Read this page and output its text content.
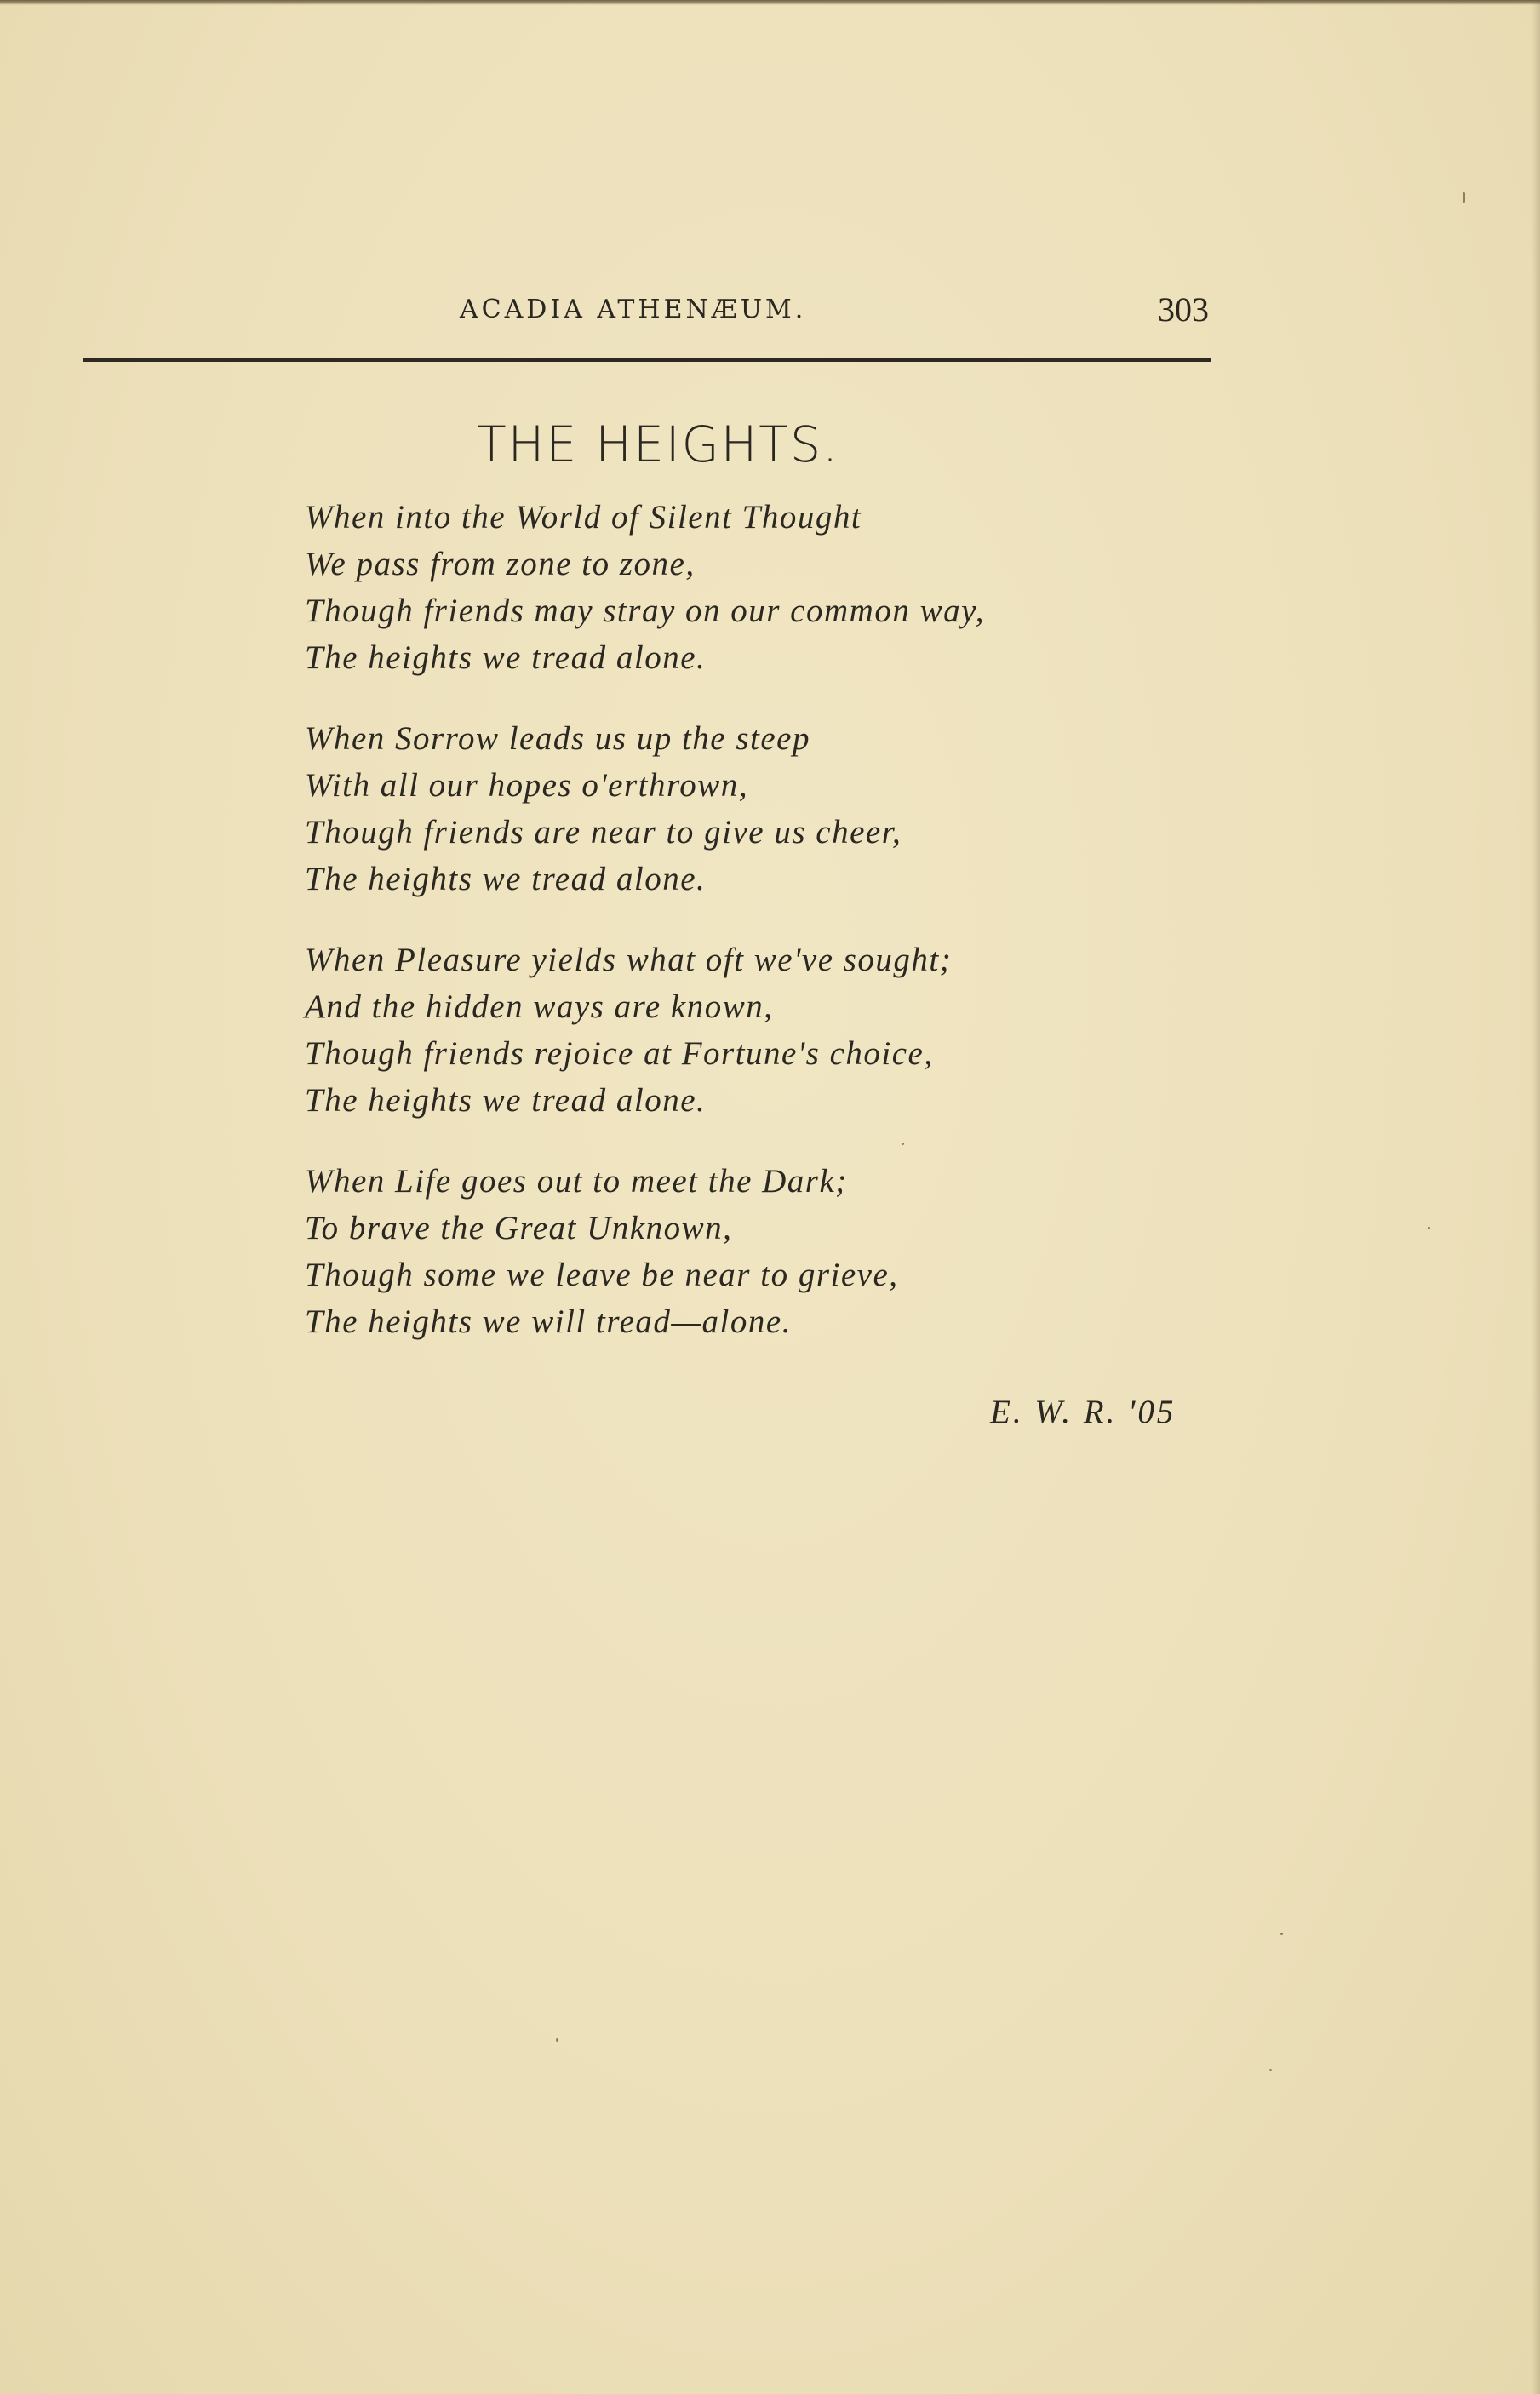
ACADIA ATHENÆUM.	303
THE HEIGHTS.
When into the World of Silent Thought
We pass from zone to zone,
Though friends may stray on our common way,
The heights we tread alone.
When Sorrow leads us up the steep
With all our hopes o'erthrown,
Though friends are near to give us cheer,
The heights we tread alone.
When Pleasure yields what oft we've sought;
And the hidden ways are known,
Though friends rejoice at Fortune's choice,
The heights we tread alone.
When Life goes out to meet the Dark;
To brave the Great Unknown,
Though some we leave be near to grieve,
The heights we will tread—alone.
E. W. R. '05
